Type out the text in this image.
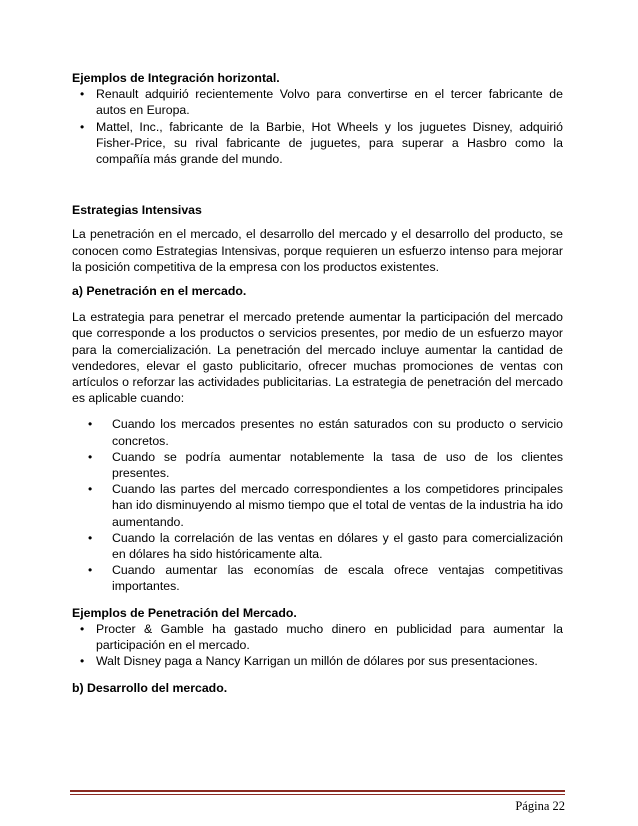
Ejemplos de Integración horizontal.

• Renault adquirió recientemente Volvo para convertirse en el tercer fabricante de autos en Europa.
• Mattel, Inc., fabricante de la Barbie, Hot Wheels y los juguetes Disney, adquirió Fisher-Price, su rival fabricante de juguetes, para superar a Hasbro como la compañía más grande del mundo.

Estrategias Intensivas

La penetración en el mercado, el desarrollo del mercado y el desarrollo del producto, se conocen como Estrategias Intensivas, porque requieren un esfuerzo intenso para mejorar la posición competitiva de la empresa con los productos existentes.

a) Penetración en el mercado.

La estrategia para penetrar el mercado pretende aumentar la participación del mercado que corresponde a los productos o servicios presentes, por medio de un esfuerzo mayor para la comercialización. La penetración del mercado incluye aumentar la cantidad de vendedores, elevar el gasto publicitario, ofrecer muchas promociones de ventas con artículos o reforzar las actividades publicitarias. La estrategia de penetración del mercado es aplicable cuando:

• Cuando los mercados presentes no están saturados con su producto o servicio concretos.
• Cuando se podría aumentar notablemente la tasa de uso de los clientes presentes.
• Cuando las partes del mercado correspondientes a los competidores principales han ido disminuyendo al mismo tiempo que el total de ventas de la industria ha ido aumentando.
• Cuando la correlación de las ventas en dólares y el gasto para comercialización en dólares ha sido históricamente alta.
• Cuando aumentar las economías de escala ofrece ventajas competitivas importantes.

Ejemplos de Penetración del Mercado.

• Procter & Gamble ha gastado mucho dinero en publicidad para aumentar la participación en el mercado.
• Walt Disney paga a Nancy Karrigan un millón de dólares por sus presentaciones.

b) Desarrollo del mercado.

Página 22
